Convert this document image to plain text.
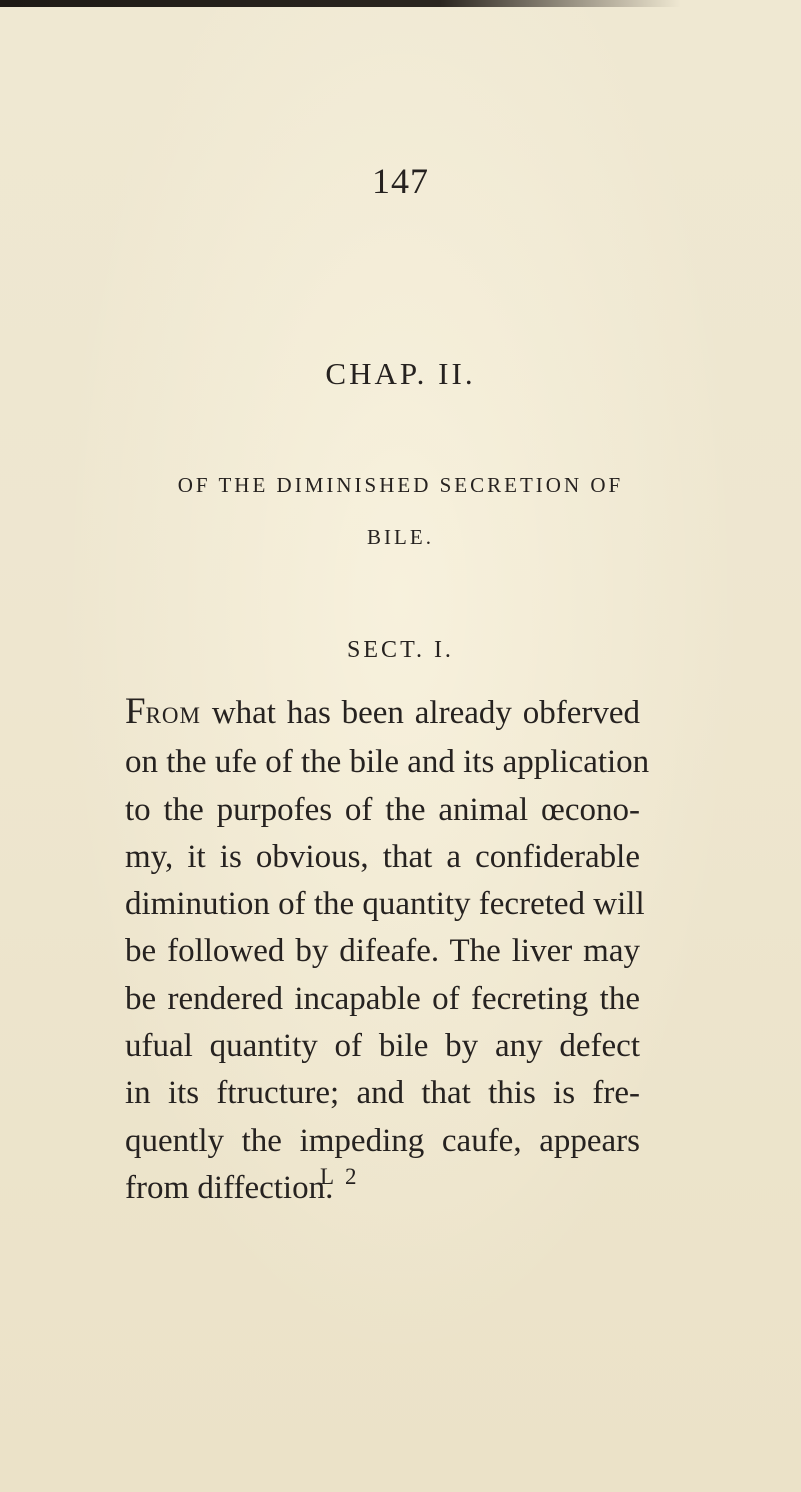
147
CHAP. II.
OF THE DIMINISHED SECRETION OF
BILE.
SECT. I.

FROM what has been already obferved
on the ufe of the bile and its application
to the purpofes of the animal œcono-
my, it is obvious, that a confiderable
diminution of the quantity fecreted will
be followed by difeafe. The liver may
be rendered incapable of fecreting the
ufual quantity of bile by any defect
in its ftructure; and that this is fre-
quently the impeding caufe, appears
from diffection.

L 2
